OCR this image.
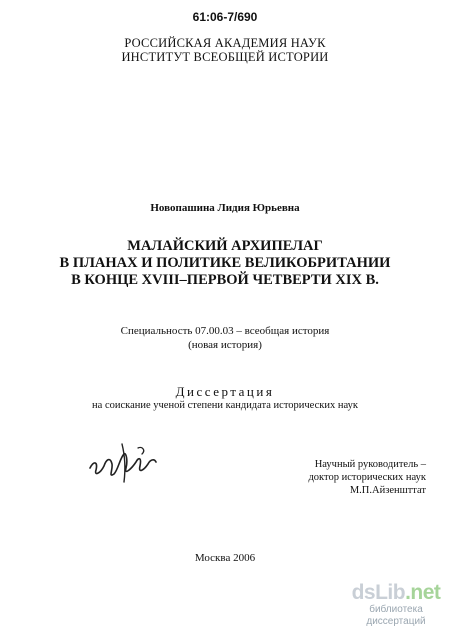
61:06-7/690
РОССИЙСКАЯ АКАДЕМИЯ НАУК
ИНСТИТУТ ВСЕОБЩЕЙ ИСТОРИИ
Новопашина Лидия Юрьевна
МАЛАЙСКИЙ АРХИПЕЛАГ
В ПЛАНАХ И ПОЛИТИКЕ ВЕЛИКОБРИТАНИИ
В КОНЦЕ XVIII–ПЕРВОЙ ЧЕТВЕРТИ XIX В.
Специальность 07.00.03 – всеобщая история
(новая история)
Диссертация
на соискание ученой степени кандидата исторических наук
Научный руководитель –
доктор исторических наук
М.П.Айзеншттат
Москва 2006
dsLib.net
библиотека диссертаций
